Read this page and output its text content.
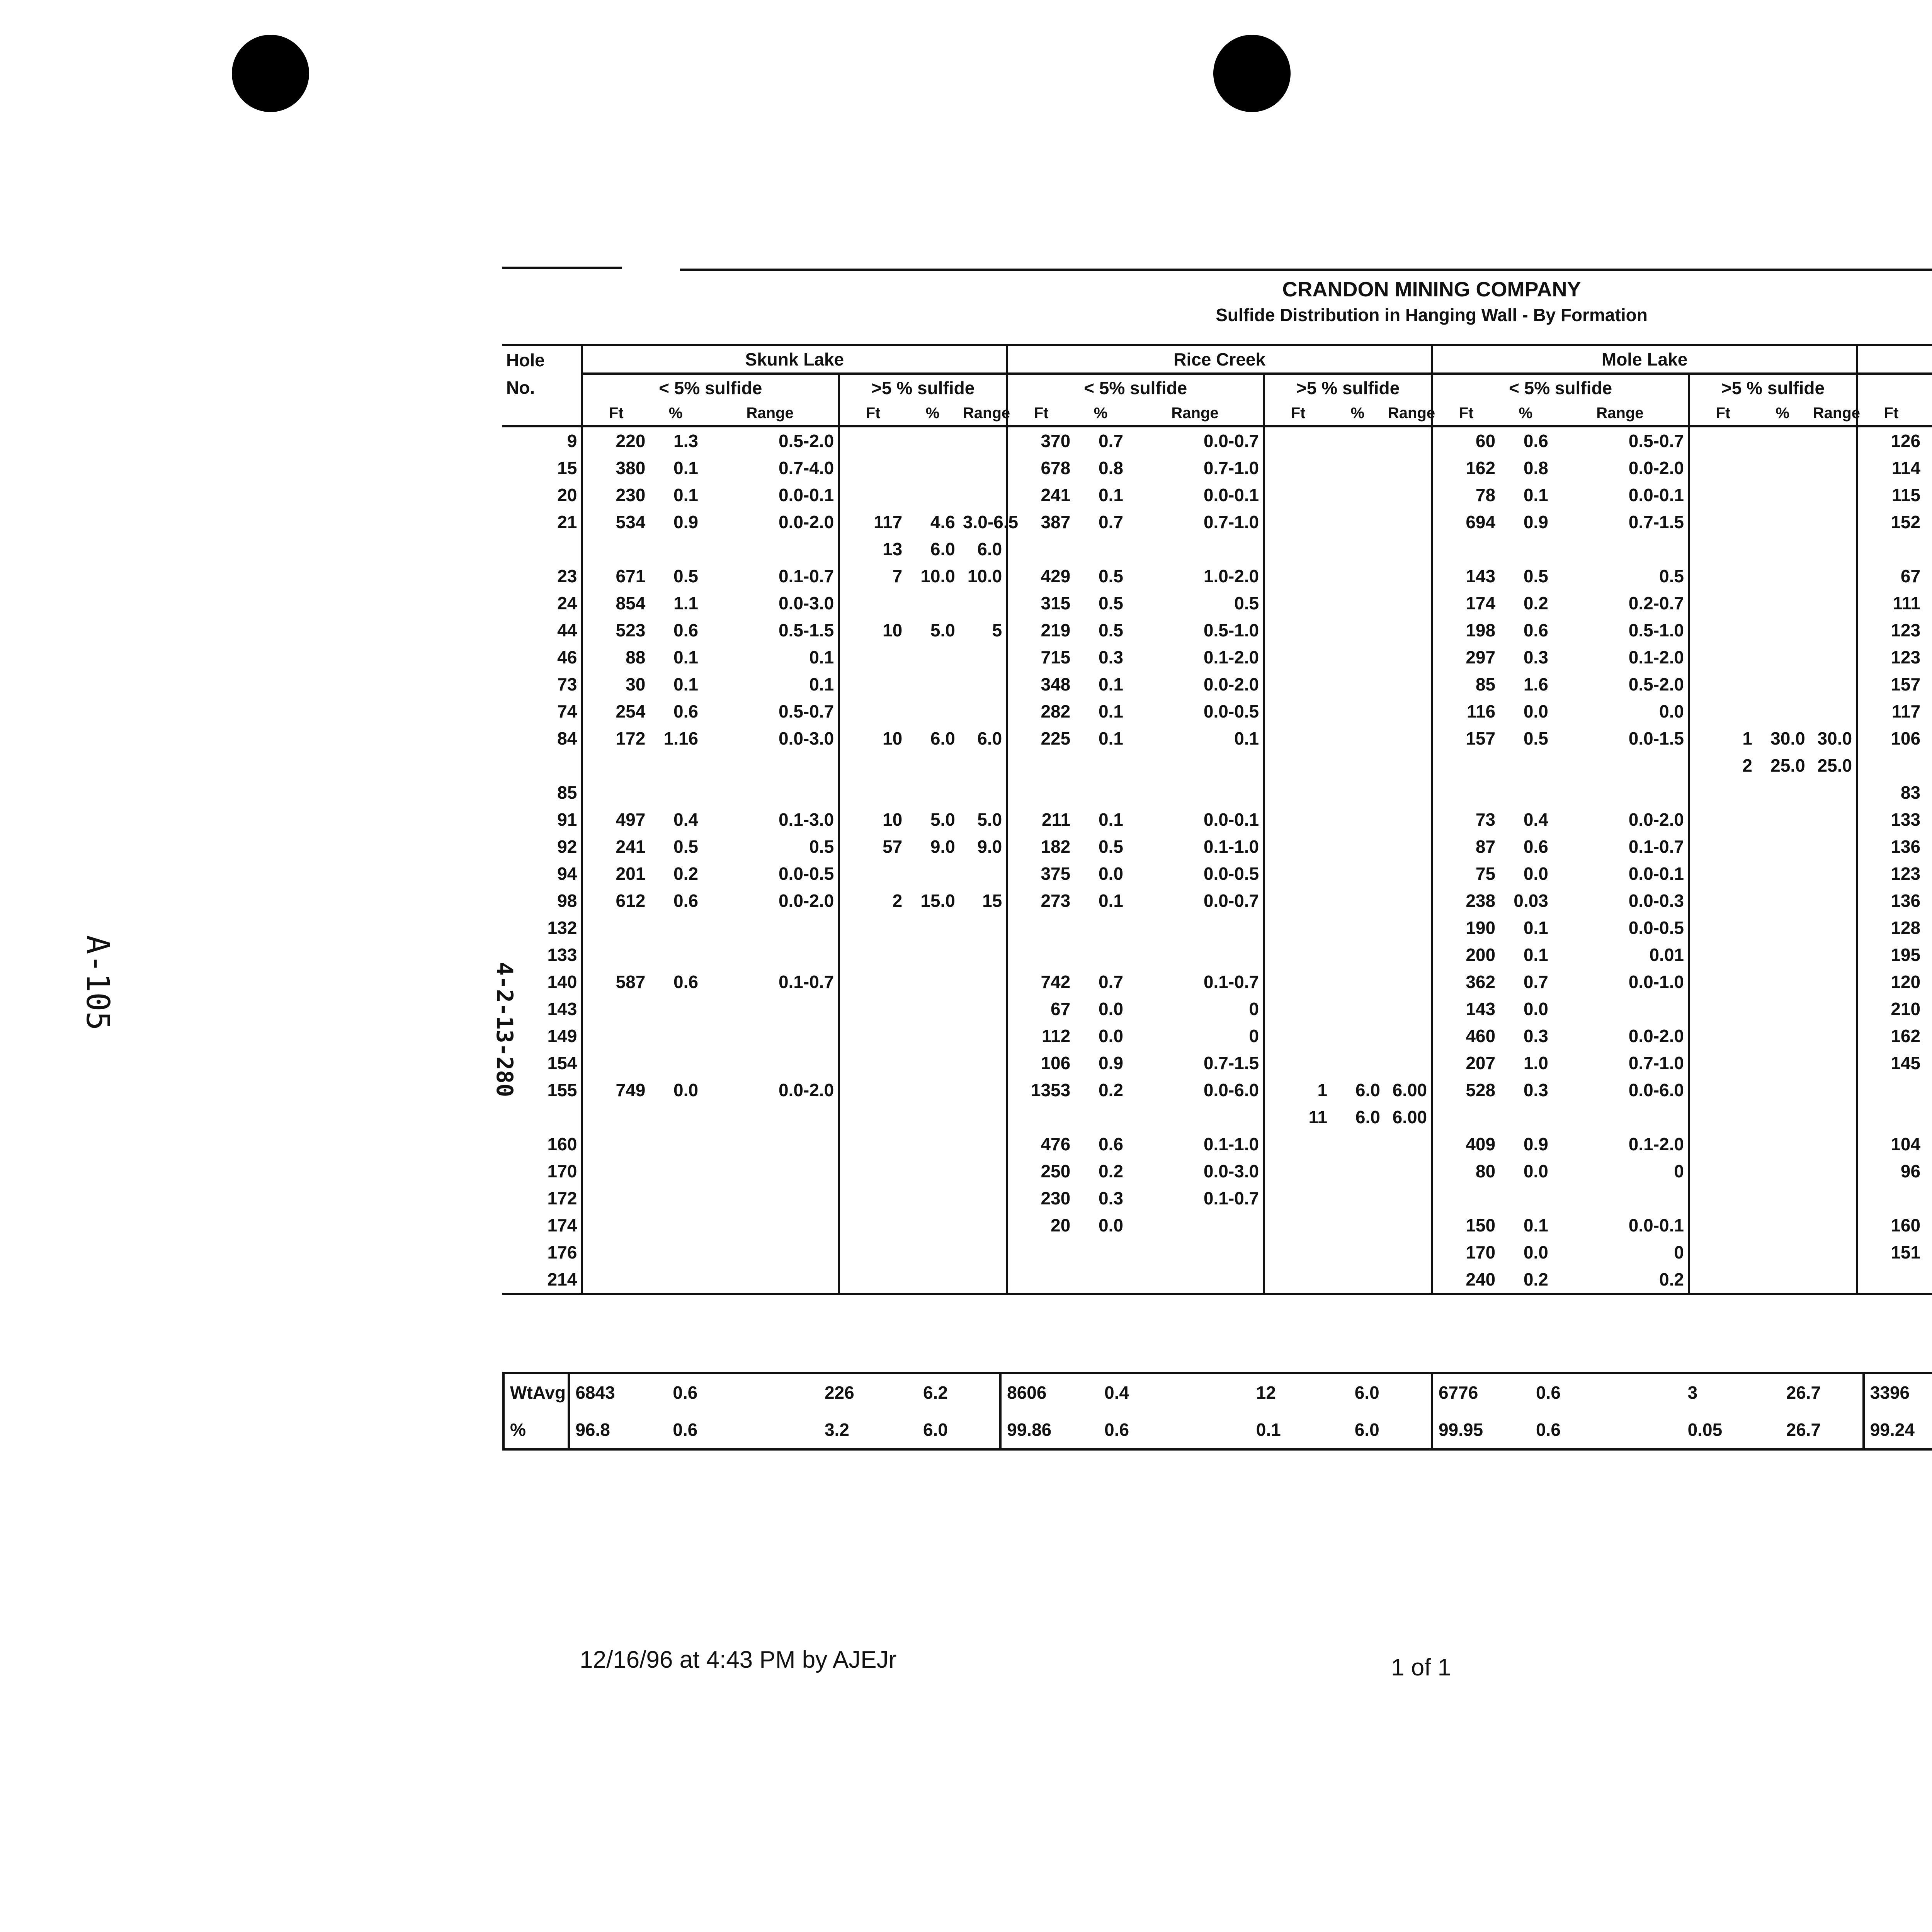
A-105	4-2-13-280
CRANDON MINING COMPANY
Sulfide Distribution in Hanging Wall - By Formation
Hole	Skunk Lake						Rice Creek						Mole Lake		
No.	< 5% sulfide			>5 % sulfide			< 5% sulfide			>5 % sulfide			< 5% sulfide			>5 % sulfide		
	Ft	%	Range	Ft	%	Range	Ft	%	Range	Ft	%	Range	Ft	%	Range	Ft	%	Range	Ft					
9	220	1.3	0.5-2.0				370	0.7	0.0-0.7				60	0.6	0.5-0.7				126						
15	380	0.1	0.7-4.0				678	0.8	0.7-1.0				162	0.8	0.0-2.0				114						
20	230	0.1	0.0-0.1				241	0.1	0.0-0.1				78	0.1	0.0-0.1				115						
21	534	0.9	0.0-2.0	117	4.6	3.0-6.5	387	0.7	0.7-1.0				694	0.9	0.7-1.5				152						
				13	6.0	6.0																			
23	671	0.5	0.1-0.7	7	10.0	10.0	429	0.5	1.0-2.0				143	0.5	0.5				67						
24	854	1.1	0.0-3.0				315	0.5	0.5				174	0.2	0.2-0.7				111						
44	523	0.6	0.5-1.5	10	5.0	5	219	0.5	0.5-1.0				198	0.6	0.5-1.0				123						
46	88	0.1	0.1				715	0.3	0.1-2.0				297	0.3	0.1-2.0				123						
73	30	0.1	0.1				348	0.1	0.0-2.0				85	1.6	0.5-2.0				157						
74	254	0.6	0.5-0.7				282	0.1	0.0-0.5				116	0.0	0.0				117						
84	172	1.16	0.0-3.0	10	6.0	6.0	225	0.1	0.1				157	0.5	0.0-1.5	1	30.0	30.0	106						
																2	25.0	25.0							
85																			83						
91	497	0.4	0.1-3.0	10	5.0	5.0	211	0.1	0.0-0.1				73	0.4	0.0-2.0				133						
92	241	0.5	0.5	57	9.0	9.0	182	0.5	0.1-1.0				87	0.6	0.1-0.7				136						
94	201	0.2	0.0-0.5				375	0.0	0.0-0.5				75	0.0	0.0-0.1				123						
98	612	0.6	0.0-2.0	2	15.0	15	273	0.1	0.0-0.7				238	0.03	0.0-0.3				136						
132													190	0.1	0.0-0.5				128						
133													200	0.1	0.01				195						
140	587	0.6	0.1-0.7				742	0.7	0.1-0.7				362	0.7	0.0-1.0				120						
143							67	0.0	0				143	0.0					210						
149							112	0.0	0				460	0.3	0.0-2.0				162						
154							106	0.9	0.7-1.5				207	1.0	0.7-1.0				145						
155	749	0.0	0.0-2.0				1353	0.2	0.0-6.0	1	6.0	6.00	528	0.3	0.0-6.0										
										11	6.0	6.00													
160							476	0.6	0.1-1.0				409	0.9	0.1-2.0				104						
170							250	0.2	0.0-3.0				80	0.0	0				96						
172							230	0.3	0.1-0.7																
174							20	0.0					150	0.1	0.0-0.1				160						
176													170	0.0	0				151						
214													240	0.2	0.2										
WtAvg	6843	0.6	226	6.2	8606	0.4	12	6.0	6776	0.6	3	26.7	3396				
%	96.8	0.6	3.2	6.0	99.86	0.6	0.1	6.0	99.95	0.6	0.05	26.7	99.24				
12/16/96 at 4:43 PM by AJEJr	1 of 1
